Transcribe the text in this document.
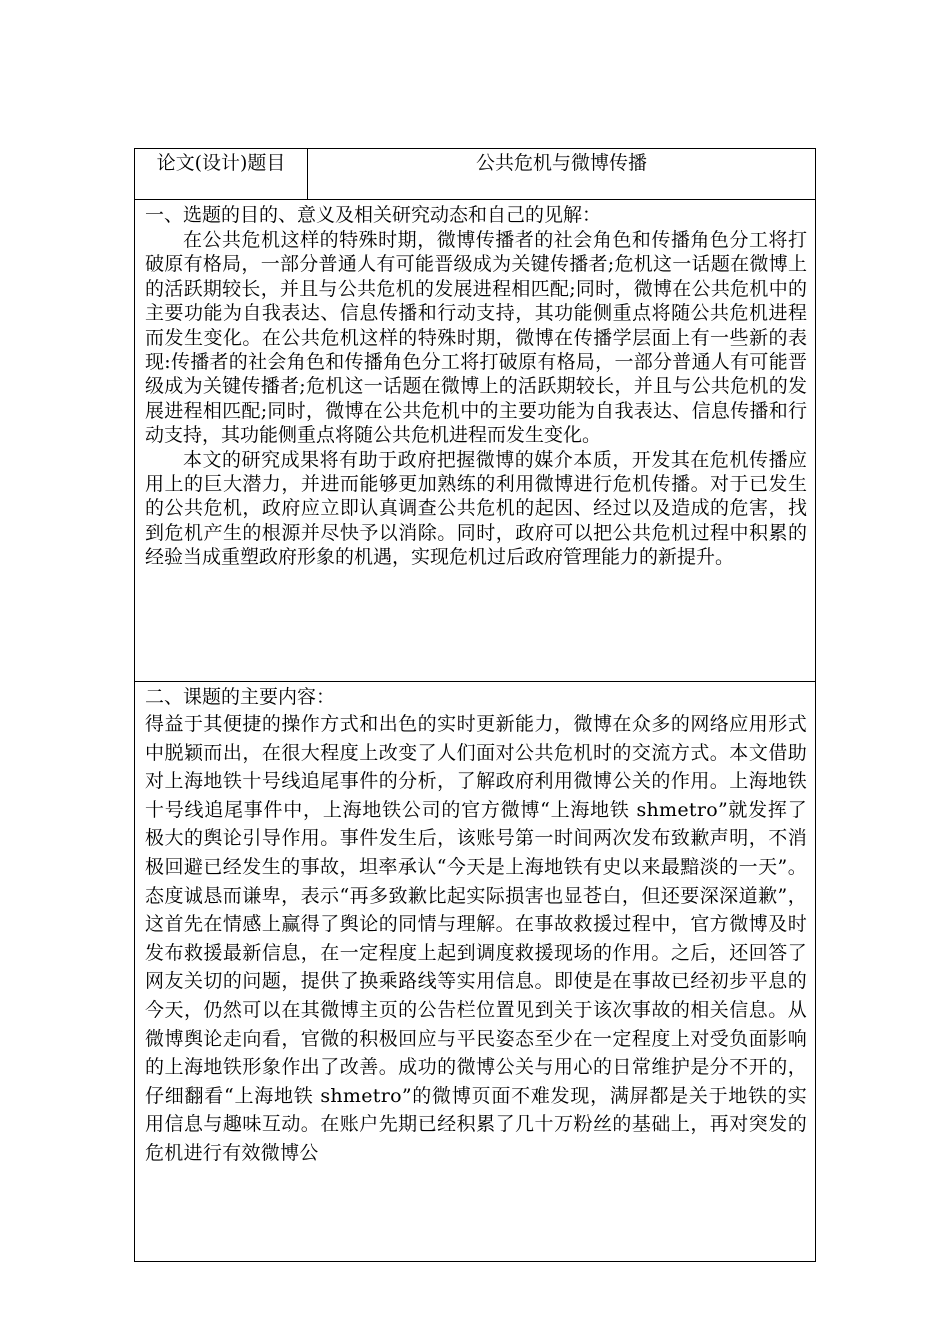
论文(设计)题目	公共危机与微博传播

一、选题的目的、意义及相关研究动态和自己的见解：

在公共危机这样的特殊时期，微博传播者的社会角色和传播角色分工将打破原有格局，一部分普通人有可能晋级成为关键传播者;危机这一话题在微博上的活跃期较长，并且与公共危机的发展进程相匹配;同时，微博在公共危机中的主要功能为自我表达、信息传播和行动支持，其功能侧重点将随公共危机进程而发生变化。在公共危机这样的特殊时期，微博在传播学层面上有一些新的表现:传播者的社会角色和传播角色分工将打破原有格局，一部分普通人有可能晋级成为关键传播者;危机这一话题在微博上的活跃期较长，并且与公共危机的发展进程相匹配;同时，微博在公共危机中的主要功能为自我表达、信息传播和行动支持，其功能侧重点将随公共危机进程而发生变化。

本文的研究成果将有助于政府把握微博的媒介本质，开发其在危机传播应用上的巨大潜力，并进而能够更加熟练的利用微博进行危机传播。对于已发生的公共危机，政府应立即认真调查公共危机的起因、经过以及造成的危害，找到危机产生的根源并尽快予以消除。同时，政府可以把公共危机过程中积累的经验当成重塑政府形象的机遇，实现危机过后政府管理能力的新提升。

二、课题的主要内容：

得益于其便捷的操作方式和出色的实时更新能力，微博在众多的网络应用形式中脱颖而出，在很大程度上改变了人们面对公共危机时的交流方式。本文借助对上海地铁十号线追尾事件的分析，了解政府利用微博公关的作用。上海地铁十号线追尾事件中，上海地铁公司的官方微博“上海地铁 shmetro”就发挥了极大的舆论引导作用。事件发生后，该账号第一时间两次发布致歉声明，不消极回避已经发生的事故，坦率承认“今天是上海地铁有史以来最黯淡的一天”。态度诚恳而谦卑，表示“再多致歉比起实际损害也显苍白，但还要深深道歉”，这首先在情感上赢得了舆论的同情与理解。在事故救援过程中，官方微博及时发布救援最新信息，在一定程度上起到调度救援现场的作用。之后，还回答了网友关切的问题，提供了换乘路线等实用信息。即使是在事故已经初步平息的今天，仍然可以在其微博主页的公告栏位置见到关于该次事故的相关信息。从微博舆论走向看，官微的积极回应与平民姿态至少在一定程度上对受负面影响的上海地铁形象作出了改善。成功的微博公关与用心的日常维护是分不开的，仔细翻看“上海地铁 shmetro”的微博页面不难发现，满屏都是关于地铁的实用信息与趣味互动。在账户先期已经积累了几十万粉丝的基础上，再对突发的危机进行有效微博公
